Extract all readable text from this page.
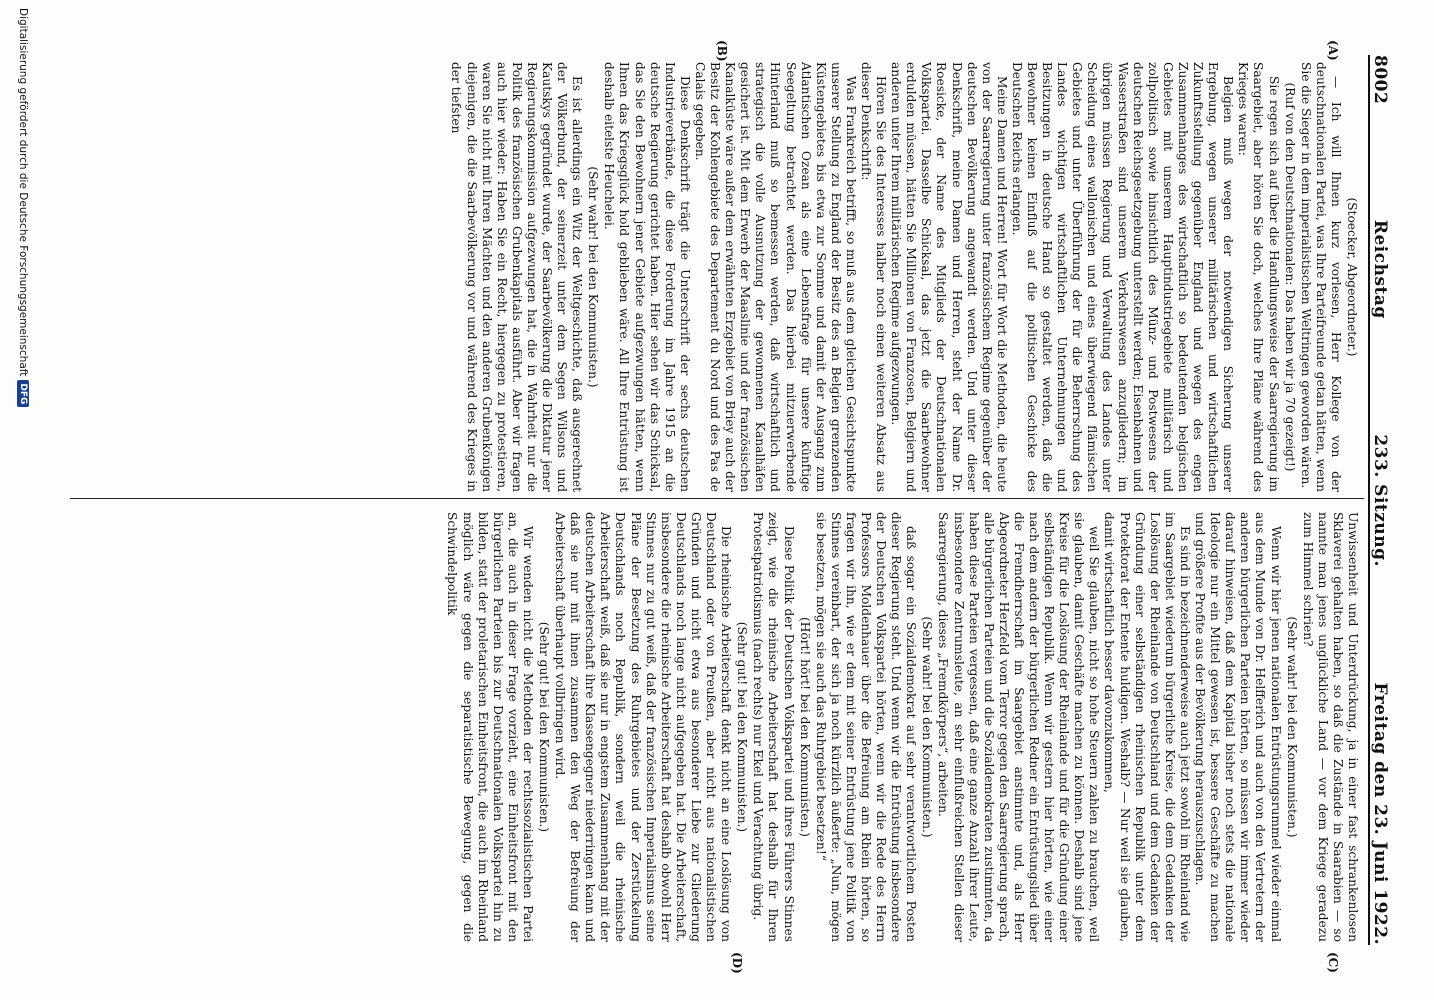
8002
Reichstag
233. Sitzung.
Freitag den 23. Juni 1922.
(A)
(B)
(C)
(D)

(Stoecker, Abgeordneter.)

— Ich will Ihnen kurz vorlesen, Herr Kollege von der deutschnationalen Partei, was Ihre Parteifreunde getan hätten, wenn Sie die Sieger in dem imperialistischen Weltringen geworden wären.

(Ruf von den Deutschnationalen: Das haben wir ja 70 gezeigt!)

Sie regen sich auf über die Handlungsweise der Saarregierung im Saargebiet, aber hören Sie doch, welches Ihre Pläne während des Krieges waren:

Belgien muß wegen der notwendigen Sicherung unserer Ergebung, wegen unserer militärischen und wirtschaftlichen Zukunftsstellung gegenüber England und wegen des engen Zusammenhanges des wirtschaftlich so bedeutenden belgischen Gebietes mit unserem Hauptindustriegebiete militärisch und zollpolitisch sowie hinsichtlich des Münz- und Postwesens der deutschen Reichsgesetzgebung unterstellt werden; Eisenbahnen und Wasserstraßen sind unserem Verkehrswesen anzugliedern; im übrigen müssen Regierung und Verwaltung des Landes unter Scheidung eines wallonischen und eines überwiegend flämischen Gebietes und unter Überführung der für die Beherrschung des Landes wichtigen wirtschaftlichen Unternehmungen und Besitzungen in deutsche Hand so gestaltet werden, daß die Bewohner keinen Einfluß auf die politischen Geschicke des Deutschen Reichs erlangen.

Meine Damen und Herren! Wort für Wort die Methoden, die heute von der Saarregierung unter französischem Regime gegenüber der deutschen Bevölkerung angewandt werden. Und unter dieser Denkschrift, meine Damen und Herren, steht der Name Dr. Roesicke, der Name des Mitglieds der Deutschnationalen Volkspartei. Dasselbe Schicksal, das jetzt die Saarbewohner erdulden müssen, hätten Sie Millionen von Franzosen, Belgiern und anderen unter Ihrem militärischen Regime aufgezwungen.

Hören Sie des Interesses halber noch einen weiteren Absatz aus dieser Denkschrift:

Was Frankreich betrifft, so muß aus dem gleichen Gesichtspunkte unserer Stellung zu England der Besitz des an Belgien grenzenden Küstengebietes bis etwa zur Somme und damit der Ausgang zum Atlantischen Ozean als eine Lebensfrage für unsere künftige Seegeltung betrachtet werden. Das hierbei mitzuerwerbende Hinterland muß so bemessen werden, daß wirtschaftlich und strategisch die volle Ausnutzung der gewonnenen Kanalhäfen gesichert ist. Mit dem Erwerb der Maaslinie und der französischen Kanalküste wäre außer dem erwähnten Erzgebiet von Briey auch der Besitz der Kohlengebiete des Departement du Nord und des Pas de Calais gegeben.

Diese Denkschrift trägt die Unterschrift der sechs deutschen Industrieverbände, die diese Forderung im Jahre 1915 an die deutsche Regierung gerichtet haben. Hier sehen wir das Schicksal, das Sie den Bewohnern jener Gebiete aufgezwungen hätten, wenn Ihnen das Kriegsglück hold geblieben wäre. All Ihre Entrüstung ist deshalb eitelste Heuchelei.

(Sehr wahr! bei den Kommunisten.)

Es ist allerdings ein Witz der Weltgeschichte, daß ausgerechnet der Völkerbund, der seinerzeit unter dem Segen Wilsons und Kautskys gegründet wurde, der Saarbevölkerung die Diktatur jener Regierungskommission aufgezwungen hat, die in Wahrheit nur die Politik des französischen Grubenkapitals ausführt. Aber wir fragen auch hier wieder: Haben Sie ein Recht, hiergegen zu protestieren, waren Sie nicht mit Ihren Mächten und den anderen Grubenkönigen diejenigen, die die Saarbevölkerung vor und während des Krieges in der tiefsten

Unwissenheit und Unterdrückung, ja in einer fast schrankenlosen Sklaverei gehalten haben, so daß die Zustände in Saarabien — so nannte man jenes unglückliche Land — vor dem Kriege geradezu zum Himmel schrien?

(Sehr wahr! bei den Kommunisten.)

Wenn wir hier jenen nationalen Entrüstungsrummel wieder einmal aus dem Munde von Dr. Helfferich und auch von den Vertretern der anderen bürgerlichen Parteien hörten, so müssen wir immer wieder darauf hinweisen, daß dem Kapital bisher noch stets die nationale Ideologie nur ein Mittel gewesen ist, bessere Geschäfte zu machen und größere Profite aus der Bevölkerung herauszuschlagen.

Es sind in bezeichnenderweise auch jetzt sowohl im Rheinland wie im Saargebiet wiederum bürgerliche Kreise, die dem Gedanken der Loslösung der Rheinlande von Deutschland und dem Gedanken der Gründung einer selbständigen rheinischen Republik unter dem Protektorat der Entente huldigen. Weshalb? — Nur weil sie glauben, damit wirtschaftlich besser davonzukommen,

weil Sie glauben, nicht so hohe Steuern zahlen zu brauchen, weil sie glauben, damit Geschäfte machen zu können. Deshalb sind jene Kreise für die Loslösung der Rheinlande und für die Gründung einer selbständigen Republik. Wenn wir gestern hier hörten, wie einer nach dem andern der bürgerlichen Redner ein Entrüstungslied über die Fremdherrschaft im Saargebiet anstimmte und, als Herr Abgeordneter Herzfeld vom Terror gegen den Saarregierung sprach, alle bürgerlichen Parteien und die Sozialdemokraten zustimmten, da haben diese Parteien vergessen, daß eine ganze Anzahl ihrer Leute, insbesondere Zentrumsleute, an sehr einflußreichen Stellen dieser Saarregierung, dieses „Fremdkörpers“, arbeiten.

(Sehr wahr! bei den Kommunisten.)

daß sogar ein Sozialdemokrat auf sehr verantwortlichem Posten dieser Regierung steht. Und wenn wir die Entrüstung insbesondere der Deutschen Volkspartei hörten, wenn wir die Rede des Herrn Professors Moldenhauer über die Befreiung am Rhein hörten, so fragen wir ihn, wie er dem mit seiner Entrüstung jene Politik von Stinnes vereinbart, der sich ja noch kürzlich äußerte: „Nun, mögen sie besetzen, mögen sie auch das Ruhrgebiet besetzen!“

(Hört! hört! bei den Kommunisten.)

Diese Politik der Deutschen Volkspartei und ihres Führers Stinnes zeigt, wie die rheinische Arbeiterschaft hat deshalb für Ihren Protestpatriotismus (nach rechts) nur Ekel und Verachtung übrig.

(Sehr gut! bei den Kommunisten.)

Die rheinische Arbeiterschaft denkt nicht an eine Loslösung von Deutschland oder von Preußen, aber nicht aus nationalistischen Gründen und nicht etwa aus besonderer Liebe zur Gliederung Deutschlands noch lange nicht aufgegeben hat. Die Arbeiterschaft, insbesondere die rheinische Arbeiterschaft hat deshalb obwohl Herr Stinnes nur zu gut weiß, daß der französischen Imperialismus seine Pläne der Besetzung des Ruhrgebietes und der Zerstückelung Deutschlands noch Republik, sondern weil die rheinische Arbeiterschaft weiß, daß sie nur in engstem Zusammenhang mit der deutschen Arbeiterschaft ihre Klassengegner niederringen kann und daß sie nur mit ihnen zusammen den Weg der Befreiung der Arbeiterschaft überhaupt vollbringen wird.

(Sehr gut! bei den Kommunisten.)

Wir wenden nicht die Methoden der rechtssozialistischen Partei an, die auch in dieser Frage vorzieht, eine Einheitsfront mit den bürgerlichen Parteien bis zur Deutschnationalen Volkspartei hin zu bilden, statt der proletarischen Einheitsfront, die auch im Rheinland möglich wäre gegen die separatistische Bewegung, gegen die Schwindelpolitik

Digitalisierung gefördert durch die Deutsche Forschungsgemeinschaft
DFG
